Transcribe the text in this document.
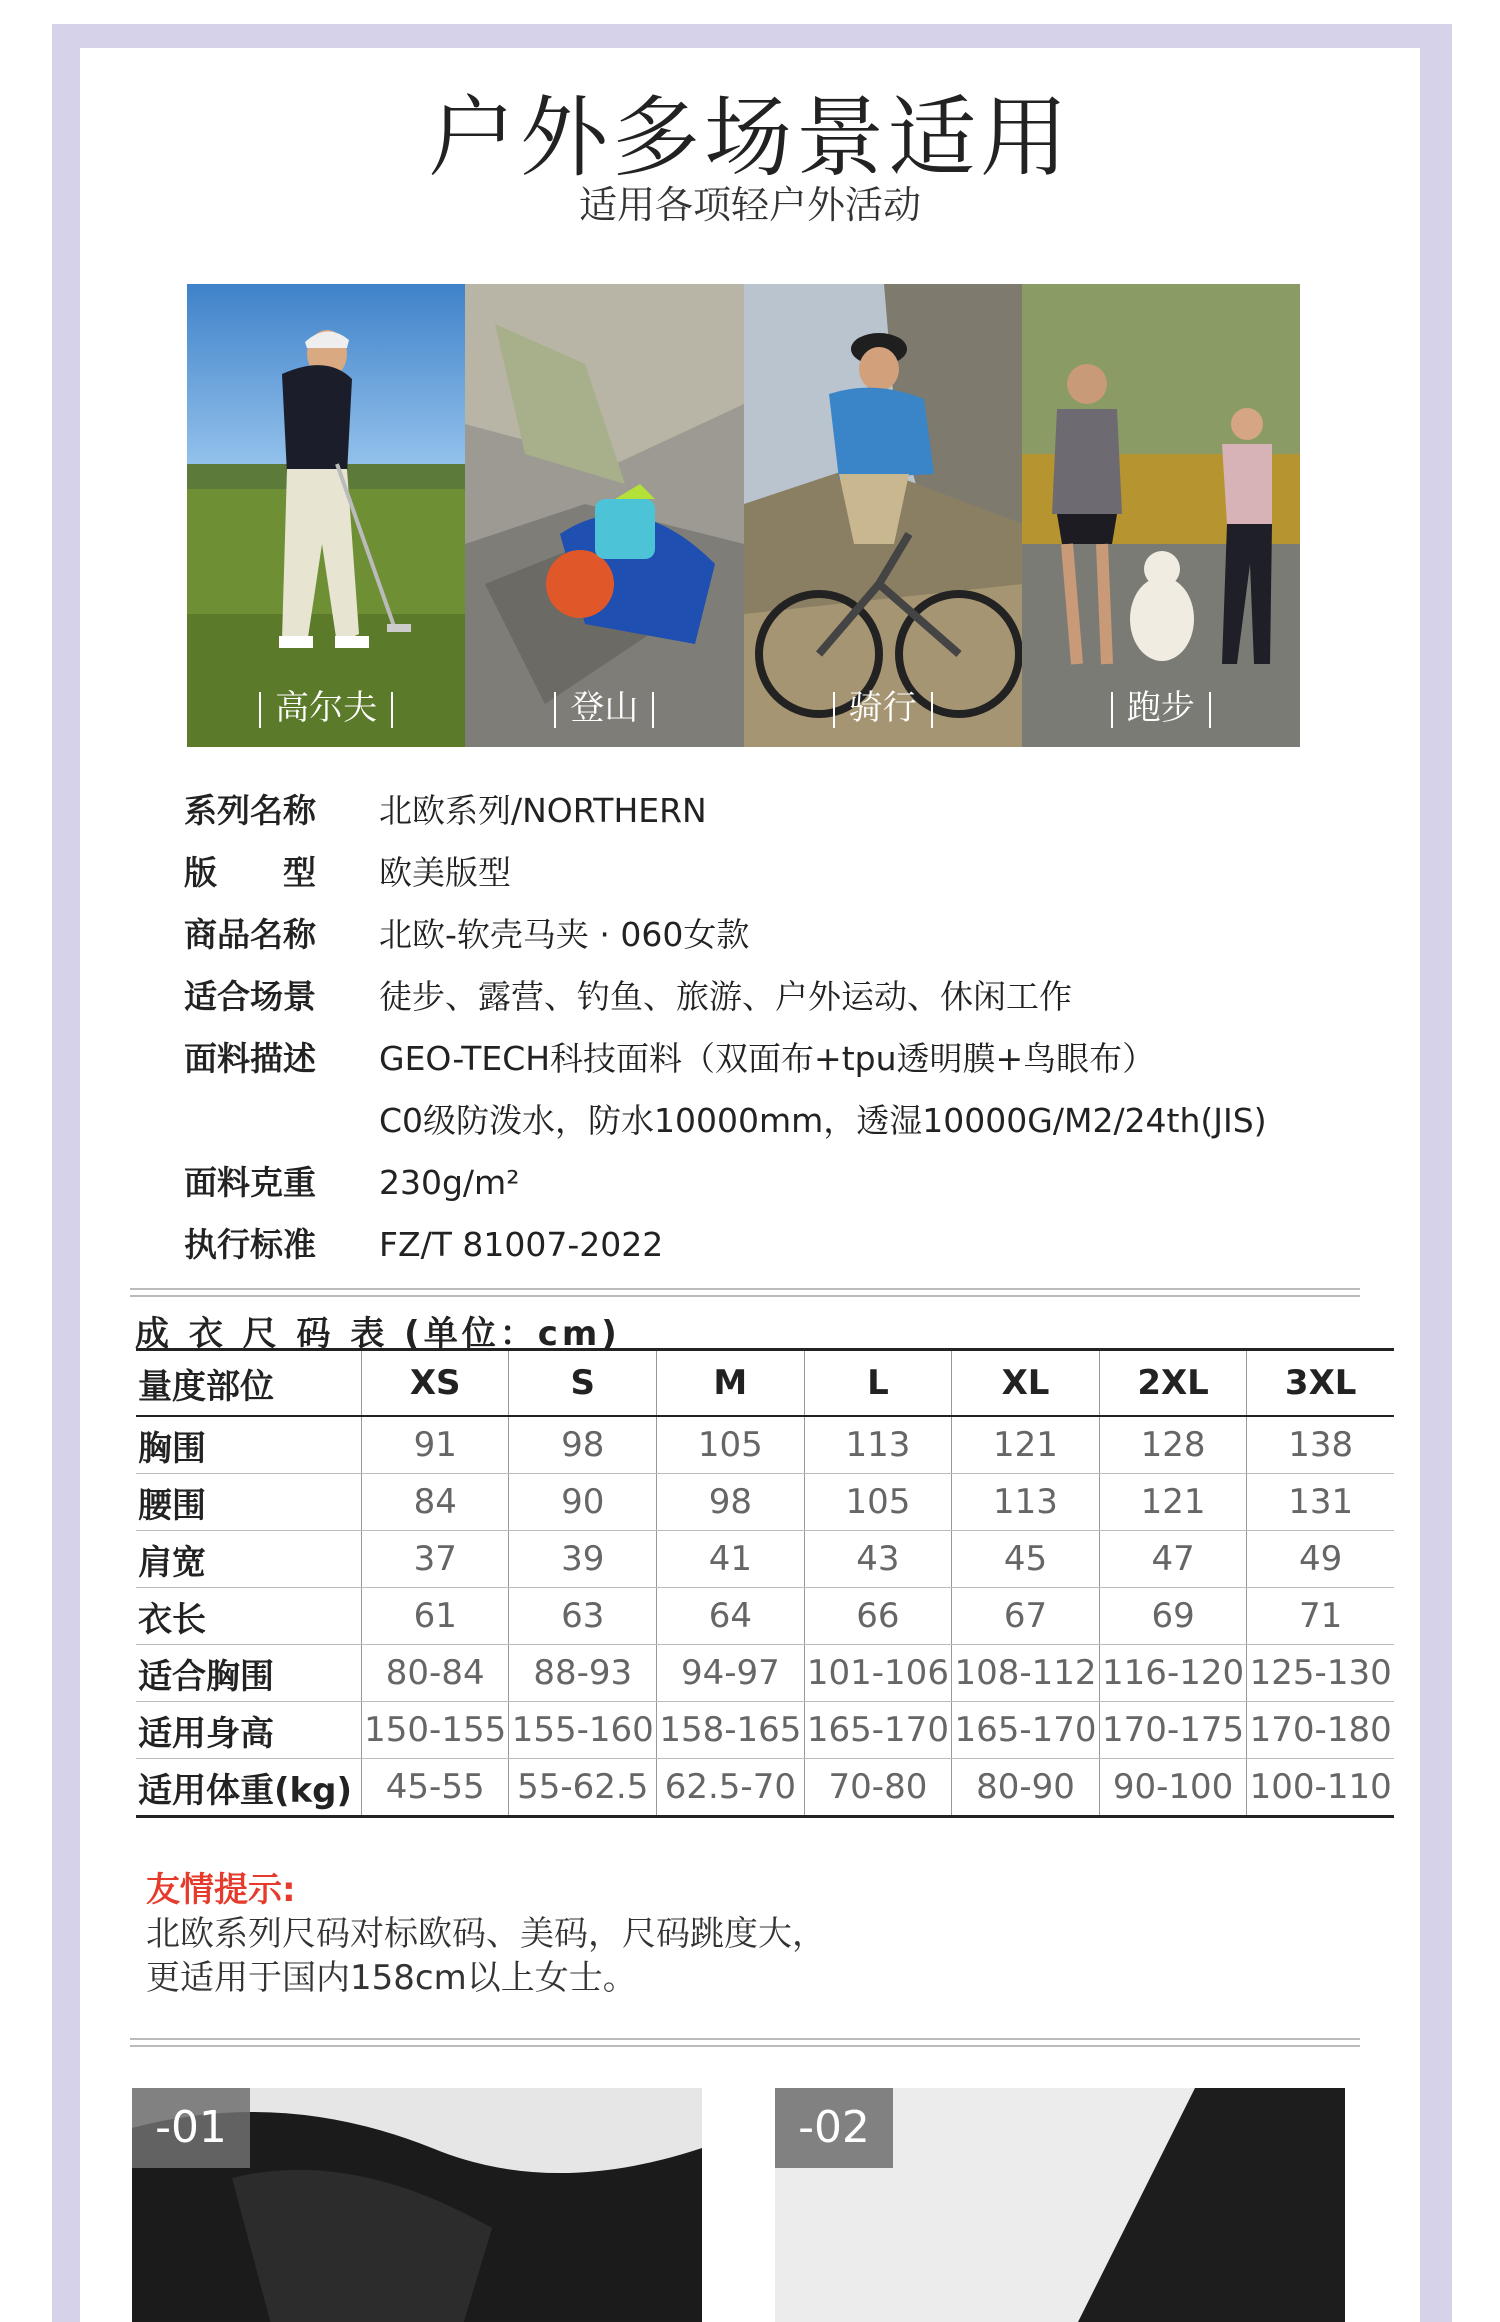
户外多场景适用
适用各项轻户外活动
高尔夫	登山	骑行	跑步
系列名称	北欧系列/NORTHERN
版　　型	欧美版型
商品名称	北欧-软壳马夹 · 060女款
适合场景	徒步、露营、钓鱼、旅游、户外运动、休闲工作
面料描述	GEO-TECH科技面料（双面布+tpu透明膜+鸟眼布）
C0级防泼水，防水10000mm，透湿10000G/M2/24th(JIS)
面料克重	230g/m²
执行标准	FZ/T 81007-2022
成 衣 尺 码 表 (单位：cm)
量度部位	XS	S	M	L	XL	2XL	3XL
胸围	91	98	105	113	121	128	138
腰围	84	90	98	105	113	121	131
肩宽	37	39	41	43	45	47	49
衣长	61	63	64	66	67	69	71
适合胸围	80-84	88-93	94-97	101-106	108-112	116-120	125-130
适用身高	150-155	155-160	158-165	165-170	165-170	170-175	170-180
适用体重(kg)	45-55	55-62.5	62.5-70	70-80	80-90	90-100	100-110
友情提示:
北欧系列尺码对标欧码、美码，尺码跳度大，
更适用于国内158cm以上女士。
-01	-02
